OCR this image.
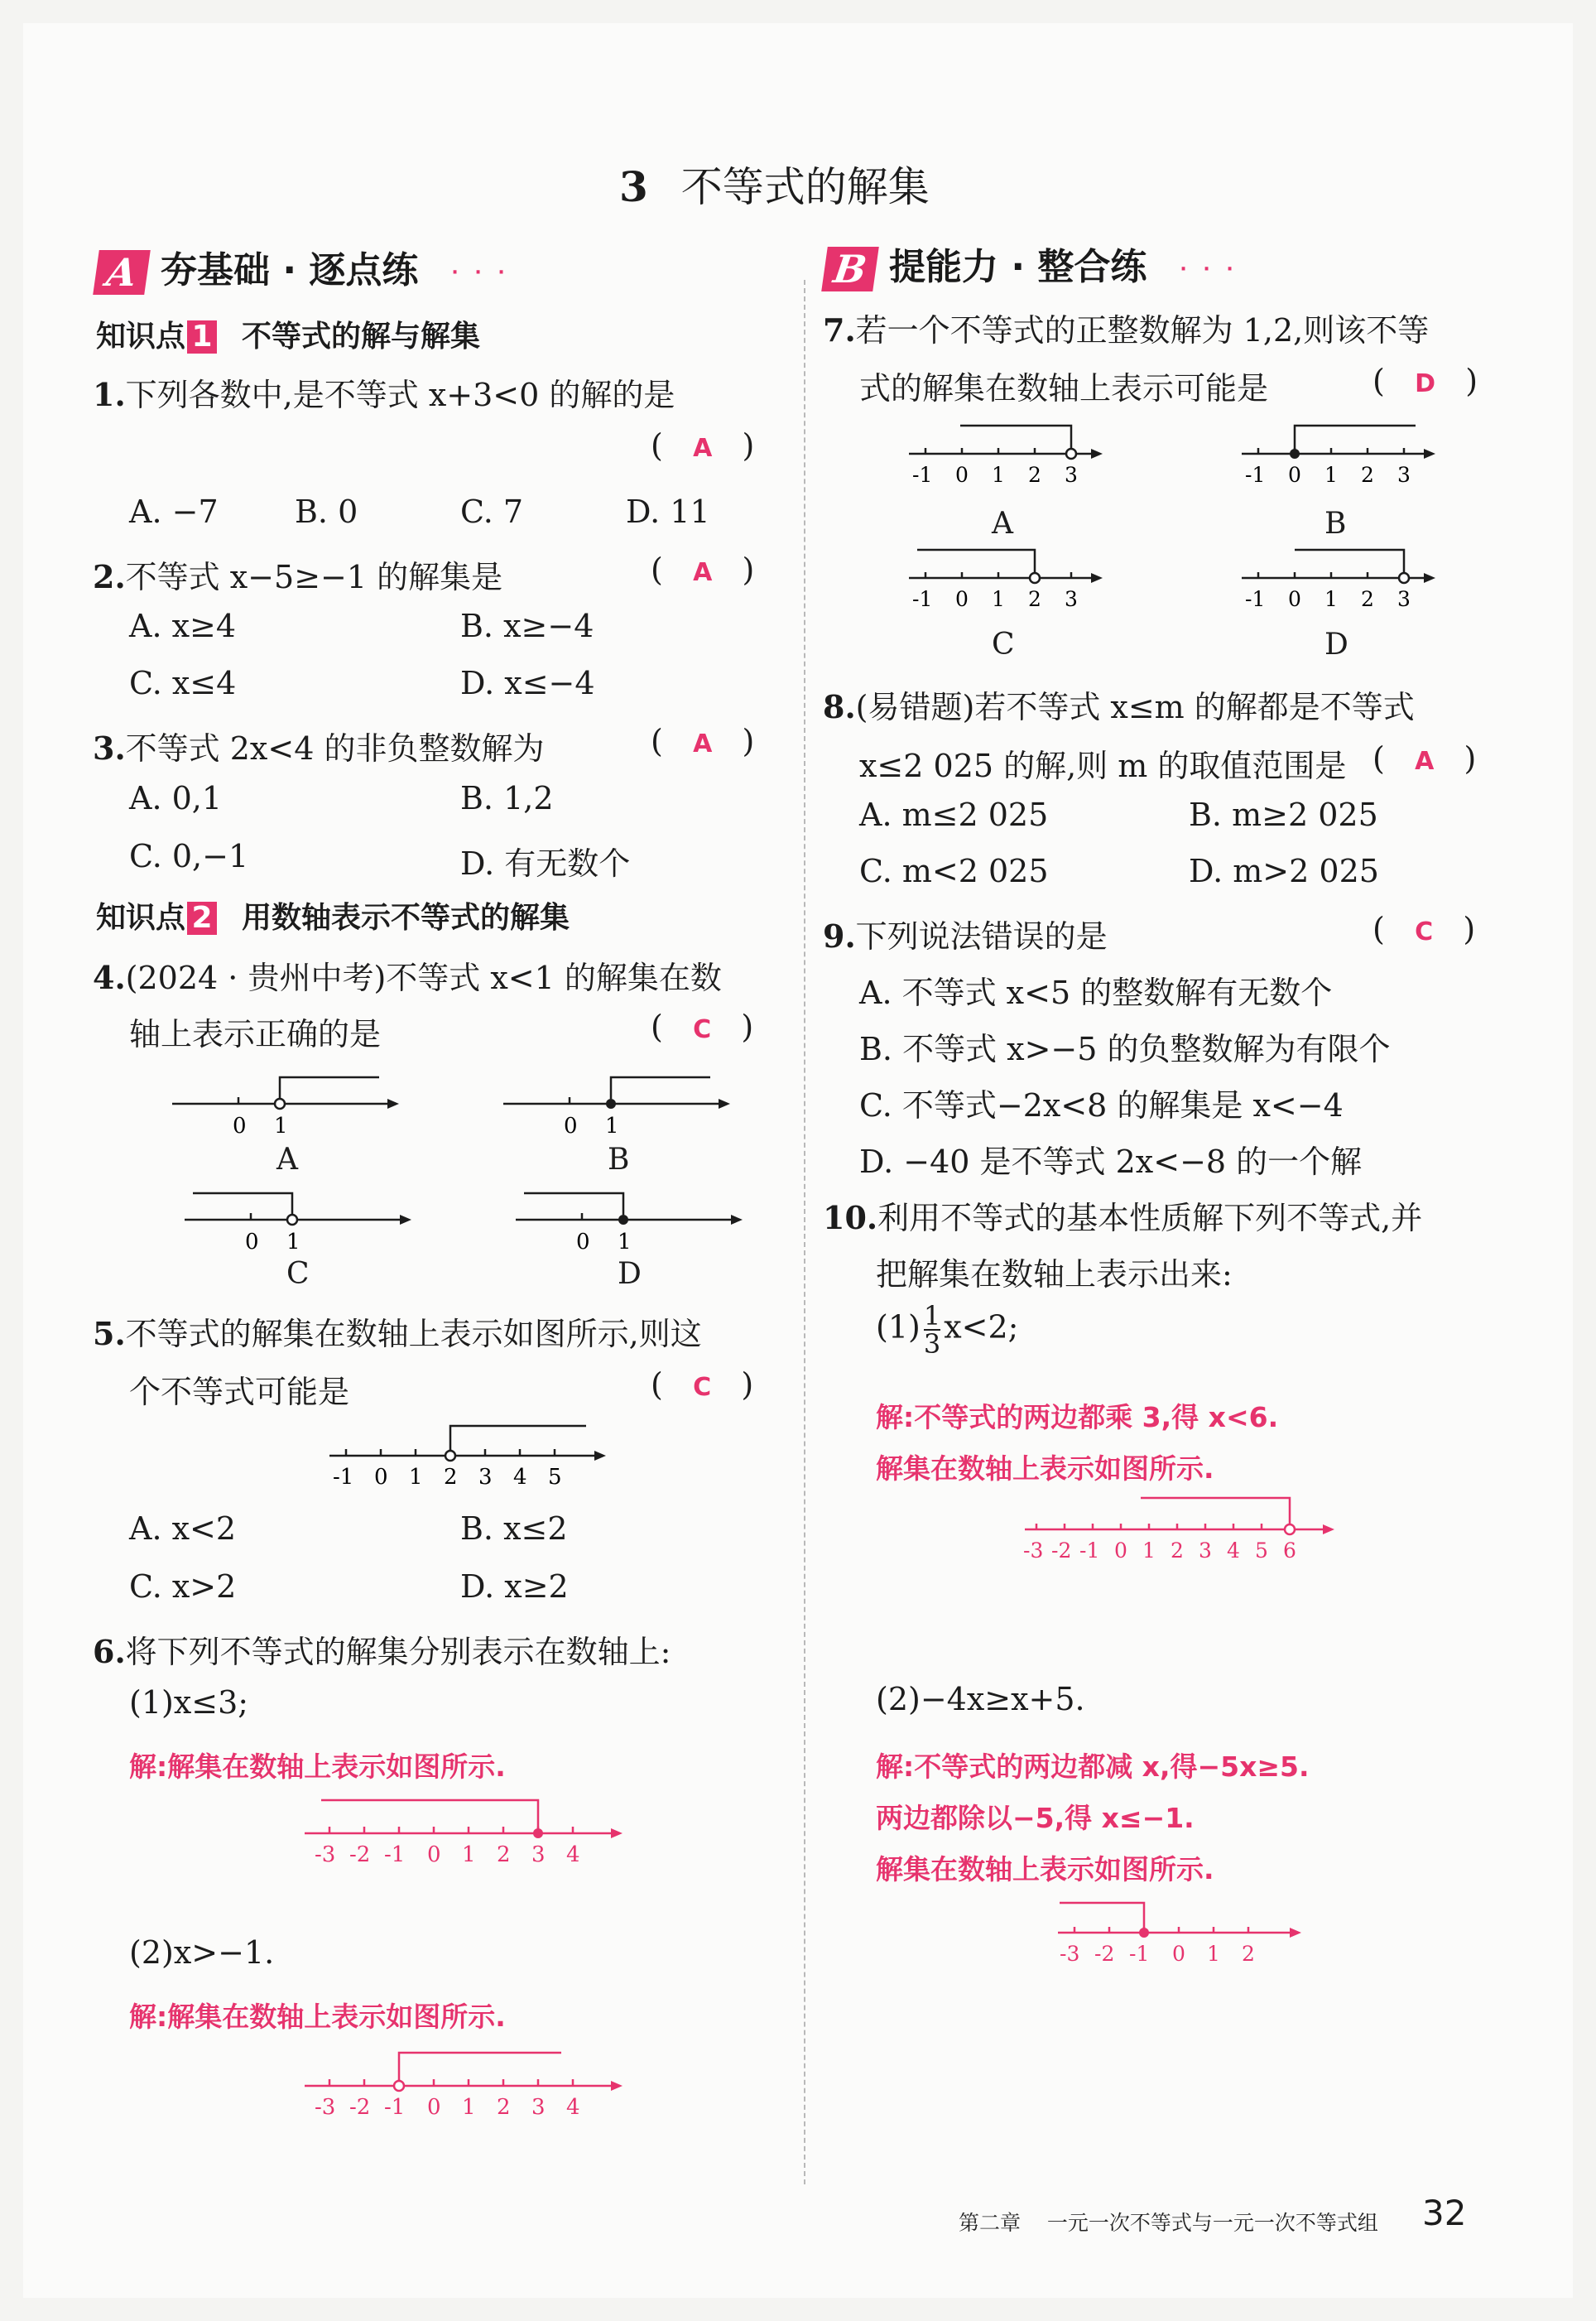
3 不等式的解集
A 夯基础 · 逐点练 · · ·
知识点 1 不等式的解与解集
1.下列各数中,是不等式 x+3<0 的解的是
(   A   )
A. −7 B. 0	C. 7	D. 11
2.不等式 x−5≥−1 的解集是	(   A   )
A. x≥4	B. x≥−4
C. x≤4	D. x≤−4
3.不等式 2x<4 的非负整数解为	(   A   )
A. 0,1	B. 1,2
C. 0,−1	D. 有无数个
知识点 2 用数轴表示不等式的解集
4.(2024 · 贵州中考)不等式 x<1 的解集在数
轴上表示正确的是	(   C   )
0 1
A
0 1
B
0 1
C
0 1
D
5.不等式的解集在数轴上表示如图所示,则这
个不等式可能是	(   C   )
-1 0 1 2 3 4 5
A. x<2	B. x≤2
C. x>2	D. x≥2
6.将下列不等式的解集分别表示在数轴上:
(1)x≤3;
解:解集在数轴上表示如图所示.
-3 -2 -1 0 1 2 3 4
(2)x>−1.
解:解集在数轴上表示如图所示.
-3 -2 -1 0 1 2 3 4
B 提能力 · 整合练 · · ·
7.若一个不等式的正整数解为 1,2,则该不等
式的解集在数轴上表示可能是	(   D   )
-1 0 1 2 3
A
-1 0 1 2 3
B
-1 0 1 2 3
C
-1 0 1 2 3
D
8.(易错题)若不等式 x≤m 的解都是不等式
x≤2 025 的解,则 m 的取值范围是 (   A   )
A. m≤2 025	B. m≥2 025
C. m<2 025	D. m>2 025
9.下列说法错误的是	(   C   )
A. 不等式 x<5 的整数解有无数个
B. 不等式 x>−5 的负整数解为有限个
C. 不等式−2x<8 的解集是 x<−4
D. −40 是不等式 2x<−8 的一个解
10.利用不等式的基本性质解下列不等式,并
把解集在数轴上表示出来:
$(1) \frac{1}{3} x<2$;
解:不等式的两边都乘 3,得 x<6.
解集在数轴上表示如图所示.
-3 -2 -1 0 1 2 3 4 5 6
(2)−4x≥x+5.
解:不等式的两边都减 x,得−5x≥5.
两边都除以−5,得 x≤−1.
解集在数轴上表示如图所示.
-3 -2 -1 0 1 2
第二章 一元一次不等式与一元一次不等式组 32
